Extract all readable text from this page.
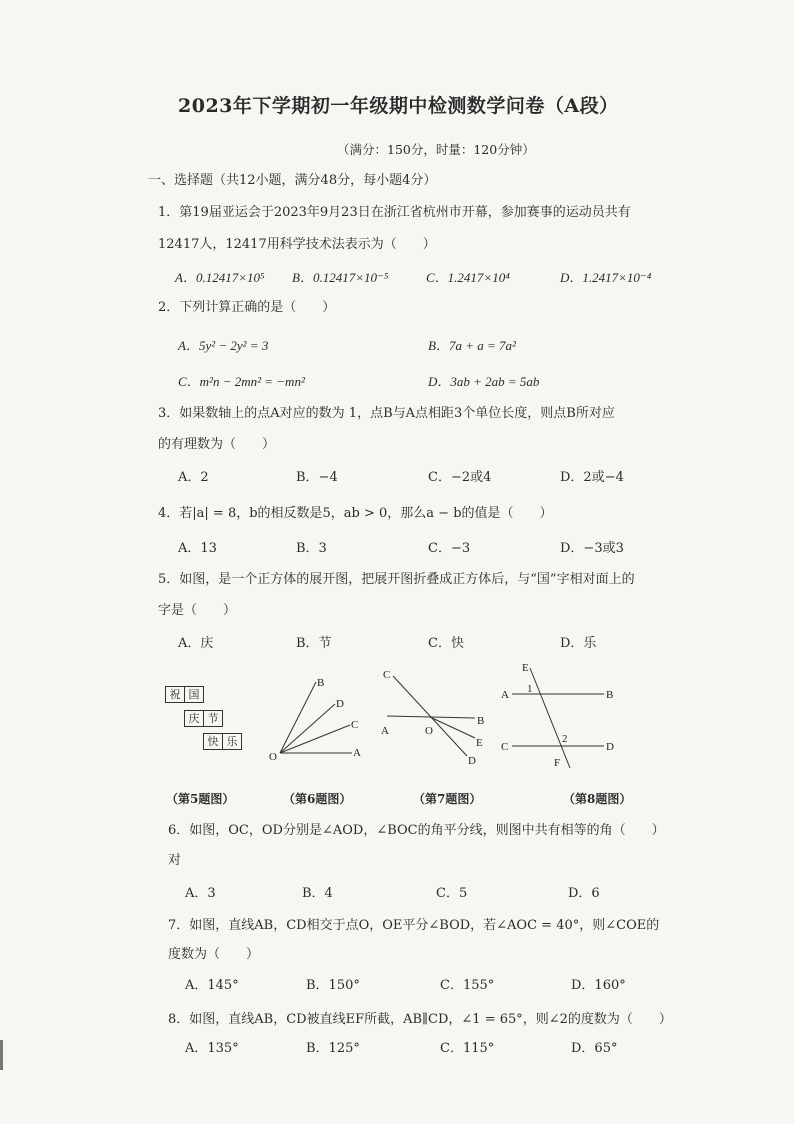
2023年下学期初一年级期中检测数学问卷（A段）
（满分：150分，时量：120分钟）
一、选择题（共12小题，满分48分，每小题4分）
1．第19届亚运会于2023年9月23日在浙江省杭州市开幕，参加赛事的运动员共有
12417人，12417用科学技术法表示为（　　）
A．0.12417×10⁵ B．0.12417×10⁻⁵	C．1.2417×10⁴	D．1.2417×10⁻⁴
2．下列计算正确的是（　　）
A．5y² − 2y² = 3	B．7a + a = 7a²
C．m²n − 2mn² = −mn²	D．3ab + 2ab = 5ab
3．如果数轴上的点A对应的数为 1，点B与A点相距3个单位长度，则点B所对应
的有理数为（　　）
A．2	B．−4	C．−2或4	D．2或−4
4．若|a| = 8，b的相反数是5，ab > 0，那么a − b的值是（　　）
A．13	B．3	C．−3	D．−3或3
5．如图，是一个正方体的展开图，把展开图折叠成正方体后，与“国”字相对面上的
字是（　　）
A．庆	B．节	C．快	D．乐
祝 国
庆 节
快 乐
B
D
C
O	A
C
A	O
B
E
D
E
A 1	B
2
C	D
F
（第5题图）	（第6题图）	（第7题图）	（第8题图）
6．如图，OC，OD分别是∠AOD，∠BOC的角平分线，则图中共有相等的角（　　）
对
A．3	B．4	C．5	D．6
7．如图，直线AB，CD相交于点O，OE平分∠BOD，若∠AOC = 40°，则∠COE的
度数为（　　）
A．145°	B．150°	C．155°	D．160°
8．如图，直线AB，CD被直线EF所截，AB∥CD，∠1 = 65°，则∠2的度数为（　　）
A．135°	B．125°	C．115°	D．65°
